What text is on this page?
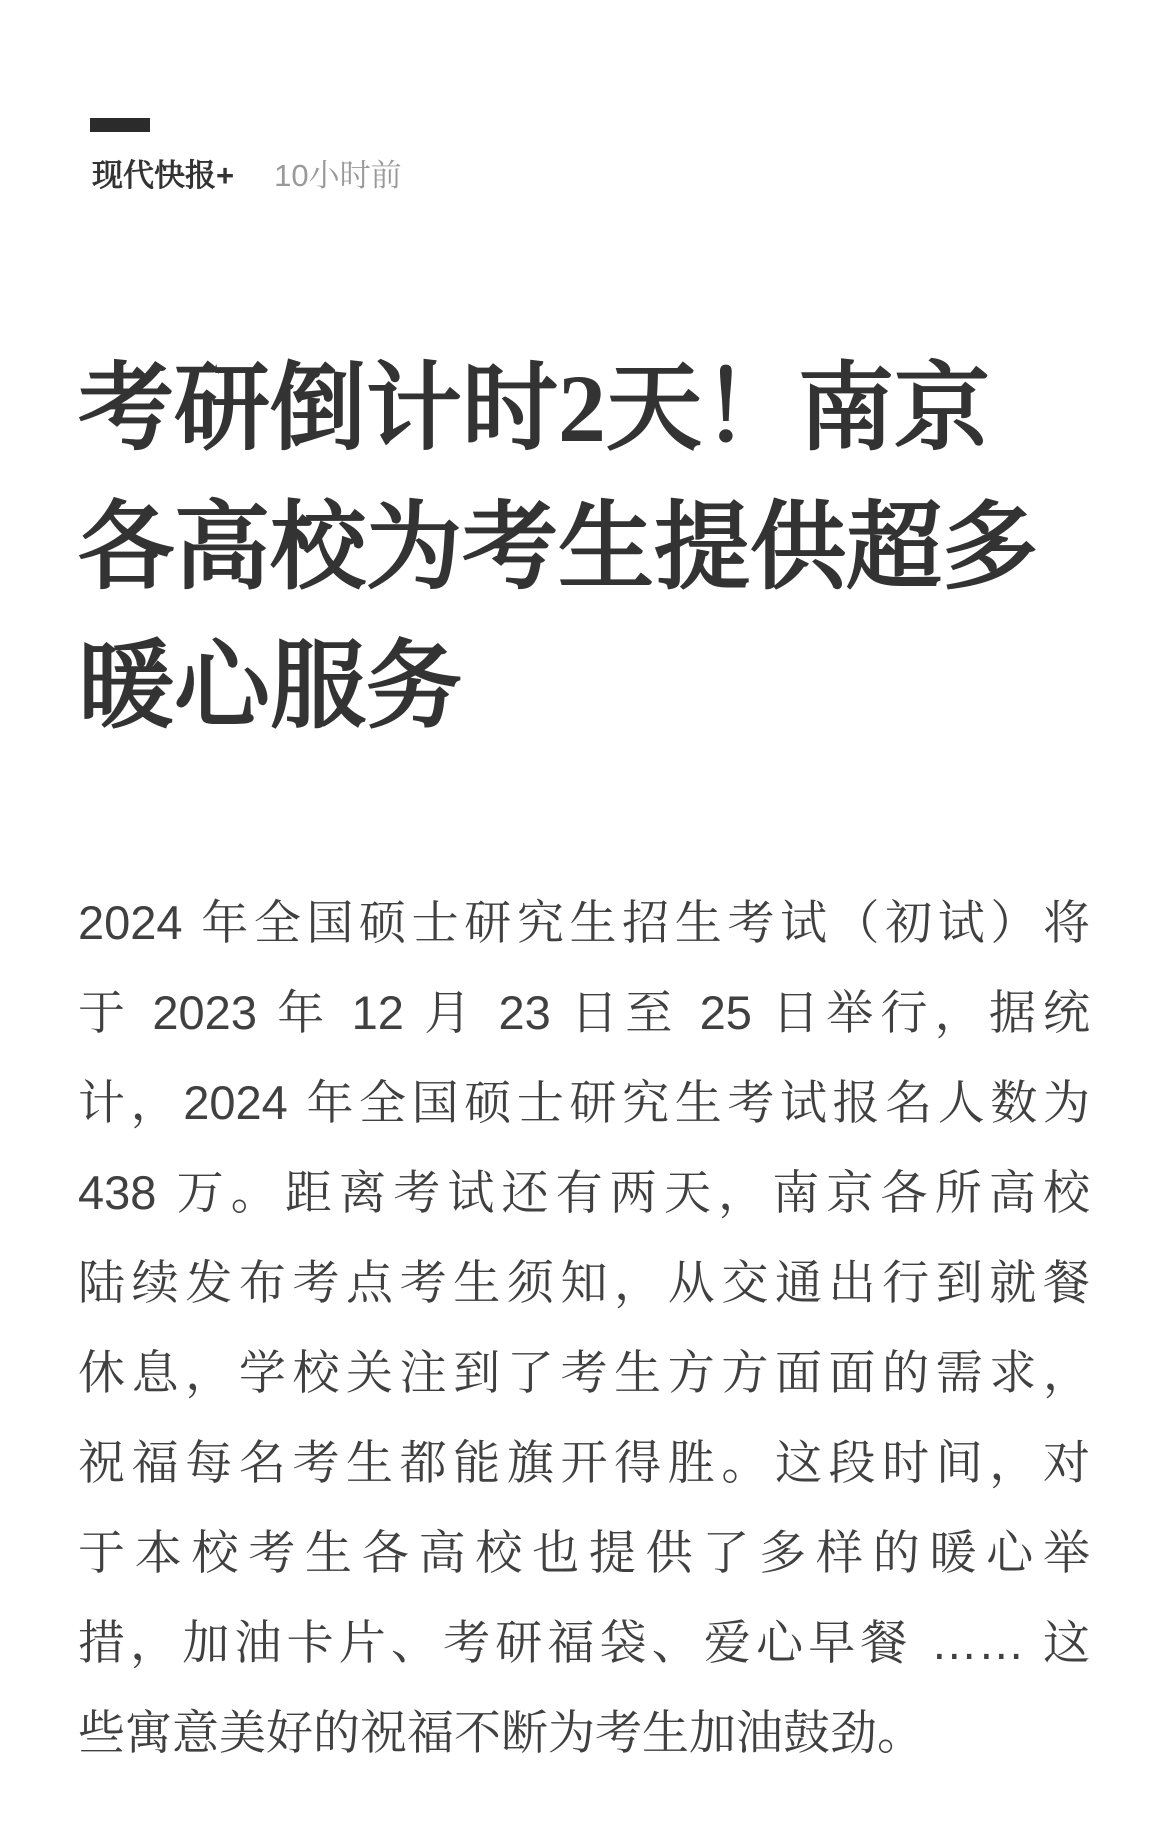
现代快报+ 10小时前
考研倒计时2天！南京
各高校为考生提供超多
暖心服务
2024 年全国硕士研究生招生考试（初试）将
于 2023 年 12 月 23 日至 25 日举行，据统
计，2024 年全国硕士研究生考试报名人数为
438 万。距离考试还有两天，南京各所高校
陆续发布考点考生须知，从交通出行到就餐
休息，学校关注到了考生方方面面的需求，
祝福每名考生都能旗开得胜。这段时间，对
于本校考生各高校也提供了多样的暖心举
措，加油卡片、考研福袋、爱心早餐 …… 这
些寓意美好的祝福不断为考生加油鼓劲。
